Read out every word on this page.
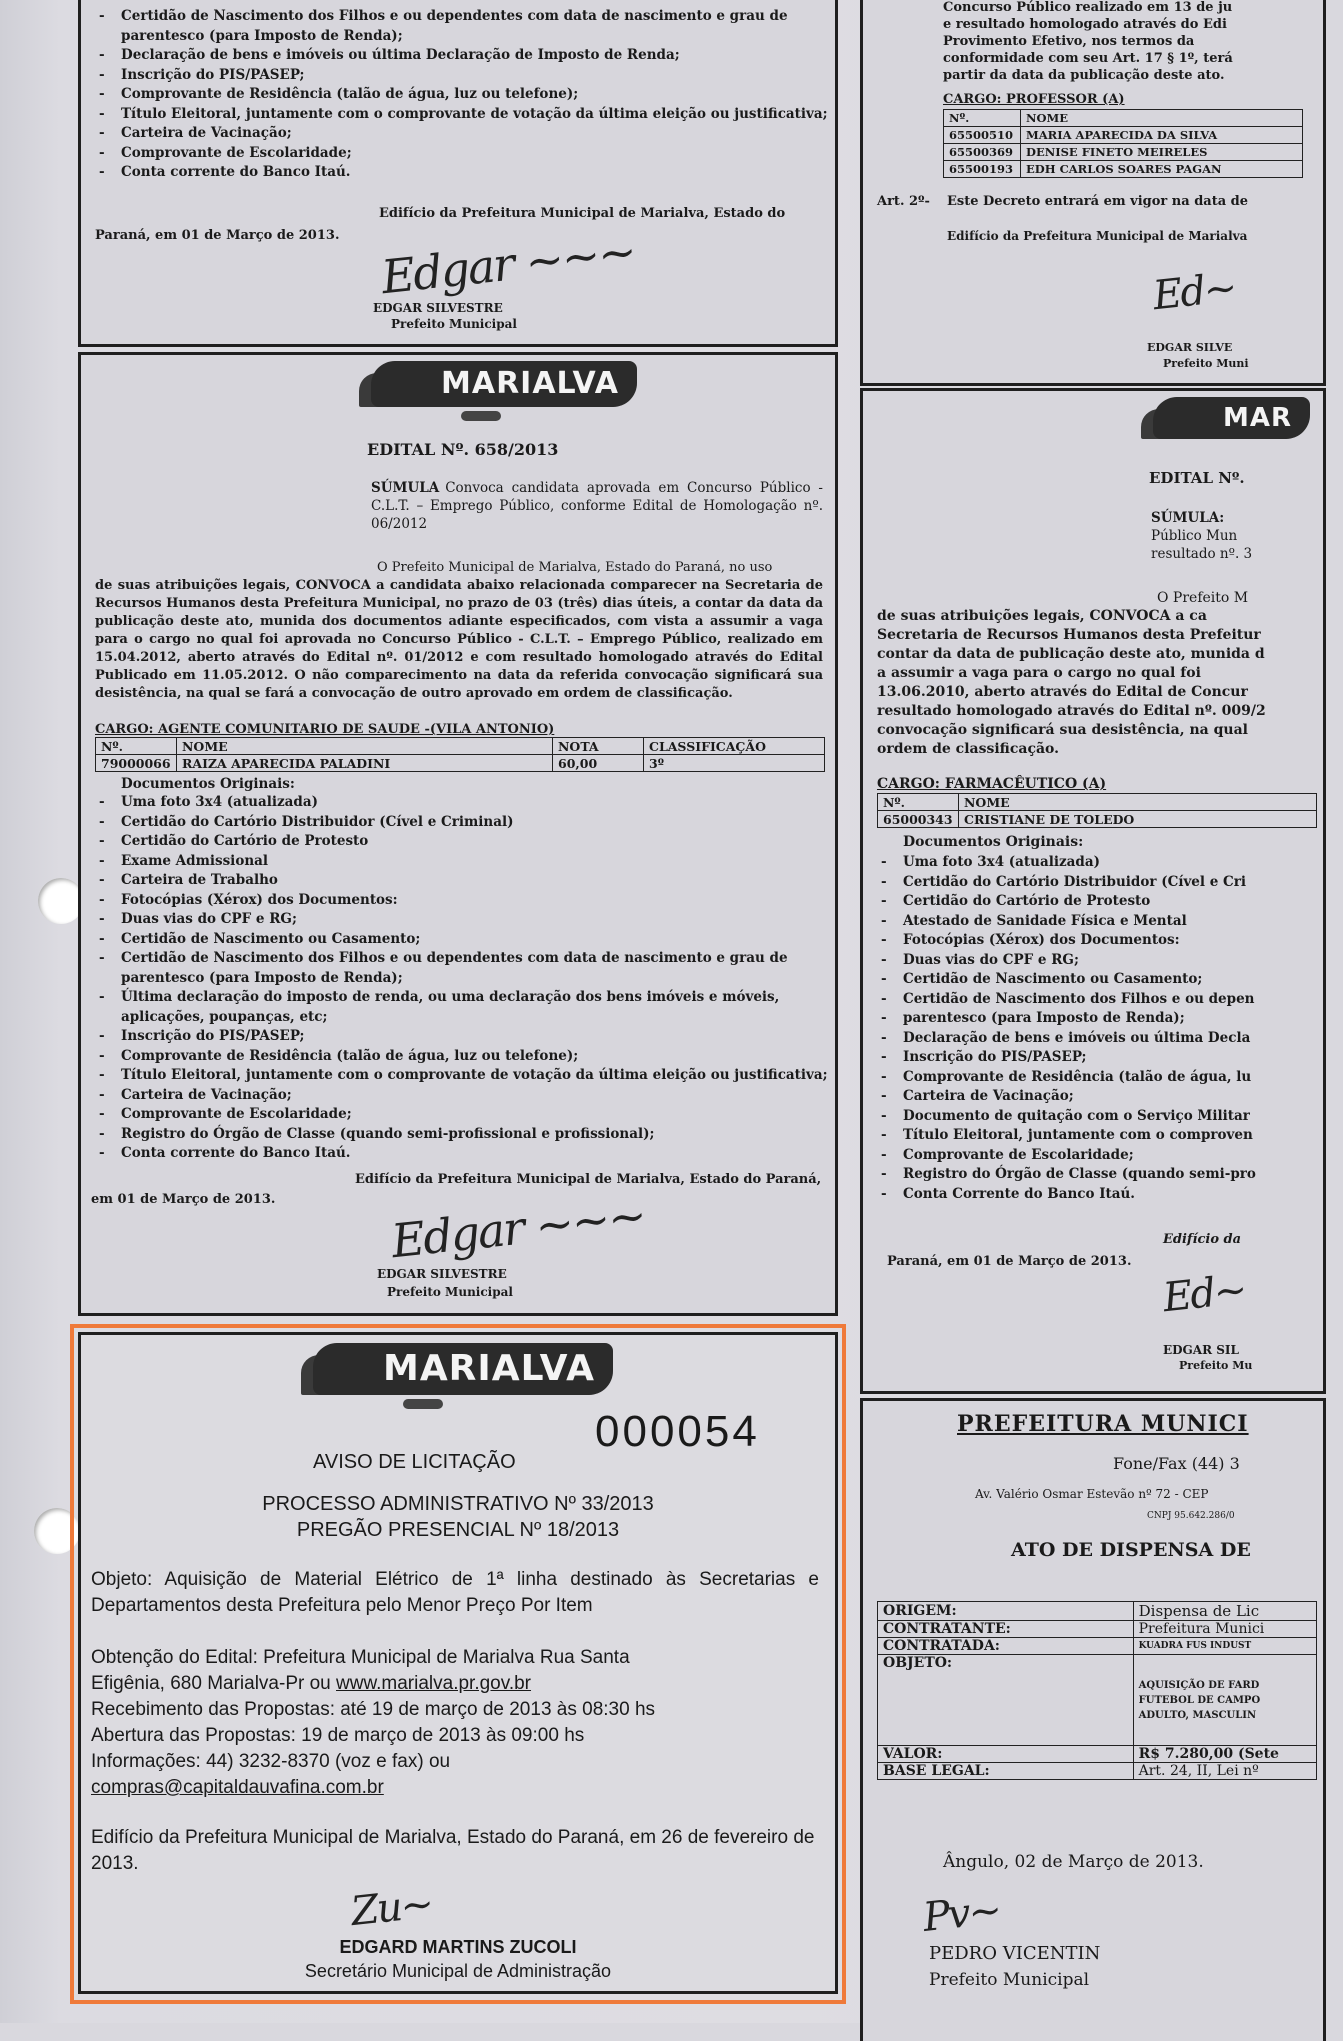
- Certidão de Nascimento dos Filhos e ou dependentes com data de nascimento e grau de parentesco (para Imposto de Renda);
- Declaração de bens e imóveis ou última Declaração de Imposto de Renda;
- Inscrição do PIS/PASEP;
- Comprovante de Residência (talão de água, luz ou telefone);
- Título Eleitoral, juntamente com o comprovante de votação da última eleição ou justificativa;
- Carteira de Vacinação;
- Comprovante de Escolaridade;
- Conta corrente do Banco Itaú.
Edifício da Prefeitura Municipal de Marialva, Estado do
Paraná, em 01 de Março de 2013. Edgar ~~~
EDGAR SILVESTRE
Prefeito Municipal
MARIALVA
EDITAL Nº. 658/2013
SÚMULA Convoca candidata aprovada em Concurso Público - C.L.T. – Emprego Público, conforme Edital de Homologação nº. 06/2012
O Prefeito Municipal de Marialva, Estado do Paraná, no uso
de suas atribuições legais, CONVOCA a candidata abaixo relacionada comparecer na Secretaria de Recursos Humanos desta Prefeitura Municipal, no prazo de 03 (três) dias úteis, a contar da data da publicação deste ato, munida dos documentos adiante especificados, com vista a assumir a vaga para o cargo no qual foi aprovada no Concurso Público - C.L.T. – Emprego Público, realizado em 15.04.2012, aberto através do Edital nº. 01/2012 e com resultado homologado através do Edital Publicado em 11.05.2012. O não comparecimento na data da referida convocação significará sua desistência, na qual se fará a convocação de outro aprovado em ordem de classificação.
CARGO: AGENTE COMUNITARIO DE SAUDE -(VILA ANTONIO)
Nº.	NOME	NOTA	CLASSIFICAÇÃO
79000066	RAIZA APARECIDA PALADINI	60,00	3º
Documentos Originais:
- Uma foto 3x4 (atualizada)
- Certidão do Cartório Distribuidor (Cível e Criminal)
- Certidão do Cartório de Protesto
- Exame Admissional
- Carteira de Trabalho
- Fotocópias (Xérox) dos Documentos:
- Duas vias do CPF e RG;
- Certidão de Nascimento ou Casamento;
- Certidão de Nascimento dos Filhos e ou dependentes com data de nascimento e grau de parentesco (para Imposto de Renda);
- Última declaração do imposto de renda, ou uma declaração dos bens imóveis e móveis, aplicações, poupanças, etc;
- Inscrição do PIS/PASEP;
- Comprovante de Residência (talão de água, luz ou telefone);
- Título Eleitoral, juntamente com o comprovante de votação da última eleição ou justificativa;
- Carteira de Vacinação;
- Comprovante de Escolaridade;
- Registro do Órgão de Classe (quando semi-profissional e profissional);
- Conta corrente do Banco Itaú.
Edifício da Prefeitura Municipal de Marialva, Estado do Paraná,
em 01 de Março de 2013. Edgar ~~~
EDGAR SILVESTRE
Prefeito Municipal
MARIALVA
000054
AVISO DE LICITAÇÃO
PROCESSO ADMINISTRATIVO Nº 33/2013
PREGÃO PRESENCIAL Nº 18/2013
Objeto: Aquisição de Material Elétrico de 1ª linha destinado às Secretarias e Departamentos desta Prefeitura pelo Menor Preço Por Item
Obtenção do Edital: Prefeitura Municipal de Marialva Rua Santa
Efigênia, 680 Marialva-Pr ou www.marialva.pr.gov.br
Recebimento das Propostas: até 19 de março de 2013 às 08:30 hs
Abertura das Propostas: 19 de março de 2013 às 09:00 hs
Informações: 44) 3232-8370 (voz e fax) ou
compras@capitaldauvafina.com.br
Edifício da Prefeitura Municipal de Marialva, Estado do Paraná, em 26 de fevereiro de 2013.
Zu~
EDGARD MARTINS ZUCOLI
Secretário Municipal de Administração
Concurso Público realizado em 13 de ju
e resultado homologado através do Edi
Provimento Efetivo, nos termos da
conformidade com seu Art. 17 § 1º, terá
partir da data da publicação deste ato.
CARGO: PROFESSOR (A)
Nº.	NOME
65500510	MARIA APARECIDA DA SILVA
65500369	DENISE FINETO MEIRELES
65500193	EDH CARLOS SOARES PAGAN
Art. 2º- Este Decreto entrará em vigor na data de
Edifício da Prefeitura Municipal de Marialva
Ed~
EDGAR SILVE
Prefeito Muni
MAR
EDITAL Nº.
SÚMULA:
Público Mun
resultado nº. 3
O Prefeito M
de suas atribuições legais, CONVOCA a ca
Secretaria de Recursos Humanos desta Prefeitur
contar da data de publicação deste ato, munida d
a assumir a vaga para o cargo no qual foi
13.06.2010, aberto através do Edital de Concur
resultado homologado através do Edital nº. 009/2
convocação significará sua desistência, na qual
ordem de classificação.
CARGO: FARMACÊUTICO (A)
Nº.	NOME
65000343	CRISTIANE DE TOLEDO
Documentos Originais:
- Uma foto 3x4 (atualizada)
- Certidão do Cartório Distribuidor (Cível e Cri
- Certidão do Cartório de Protesto
- Atestado de Sanidade Física e Mental
- Fotocópias (Xérox) dos Documentos:
- Duas vias do CPF e RG;
- Certidão de Nascimento ou Casamento;
- Certidão de Nascimento dos Filhos e ou depen
- parentesco (para Imposto de Renda);
- Declaração de bens e imóveis ou última Decla
- Inscrição do PIS/PASEP;
- Comprovante de Residência (talão de água, lu
- Carteira de Vacinação;
- Documento de quitação com o Serviço Militar
- Título Eleitoral, juntamente com o comproven
- Comprovante de Escolaridade;
- Registro do Órgão de Classe (quando semi-pro
- Conta Corrente do Banco Itaú.
Edifício da
Paraná, em 01 de Março de 2013.
Ed~
EDGAR SIL
Prefeito Mu
PREFEITURA MUNICI
Fone/Fax (44) 3
Av. Valério Osmar Estevão nº 72 - CEP
CNPJ 95.642.286/0
ATO DE DISPENSA DE
ORIGEM:	Dispensa de Lic
CONTRATANTE:	Prefeitura Munici
CONTRATADA:	KUADRA FUS INDUST
OBJETO:	AQUISIÇÃO DE FARD FUTEBOL DE CAMPO ADULTO, MASCULIN
VALOR:	R$ 7.280,00 (Sete
BASE LEGAL:	Art. 24, II, Lei nº
Ângulo, 02 de Março de 2013.
Pv~
PEDRO VICENTIN
Prefeito Municipal
